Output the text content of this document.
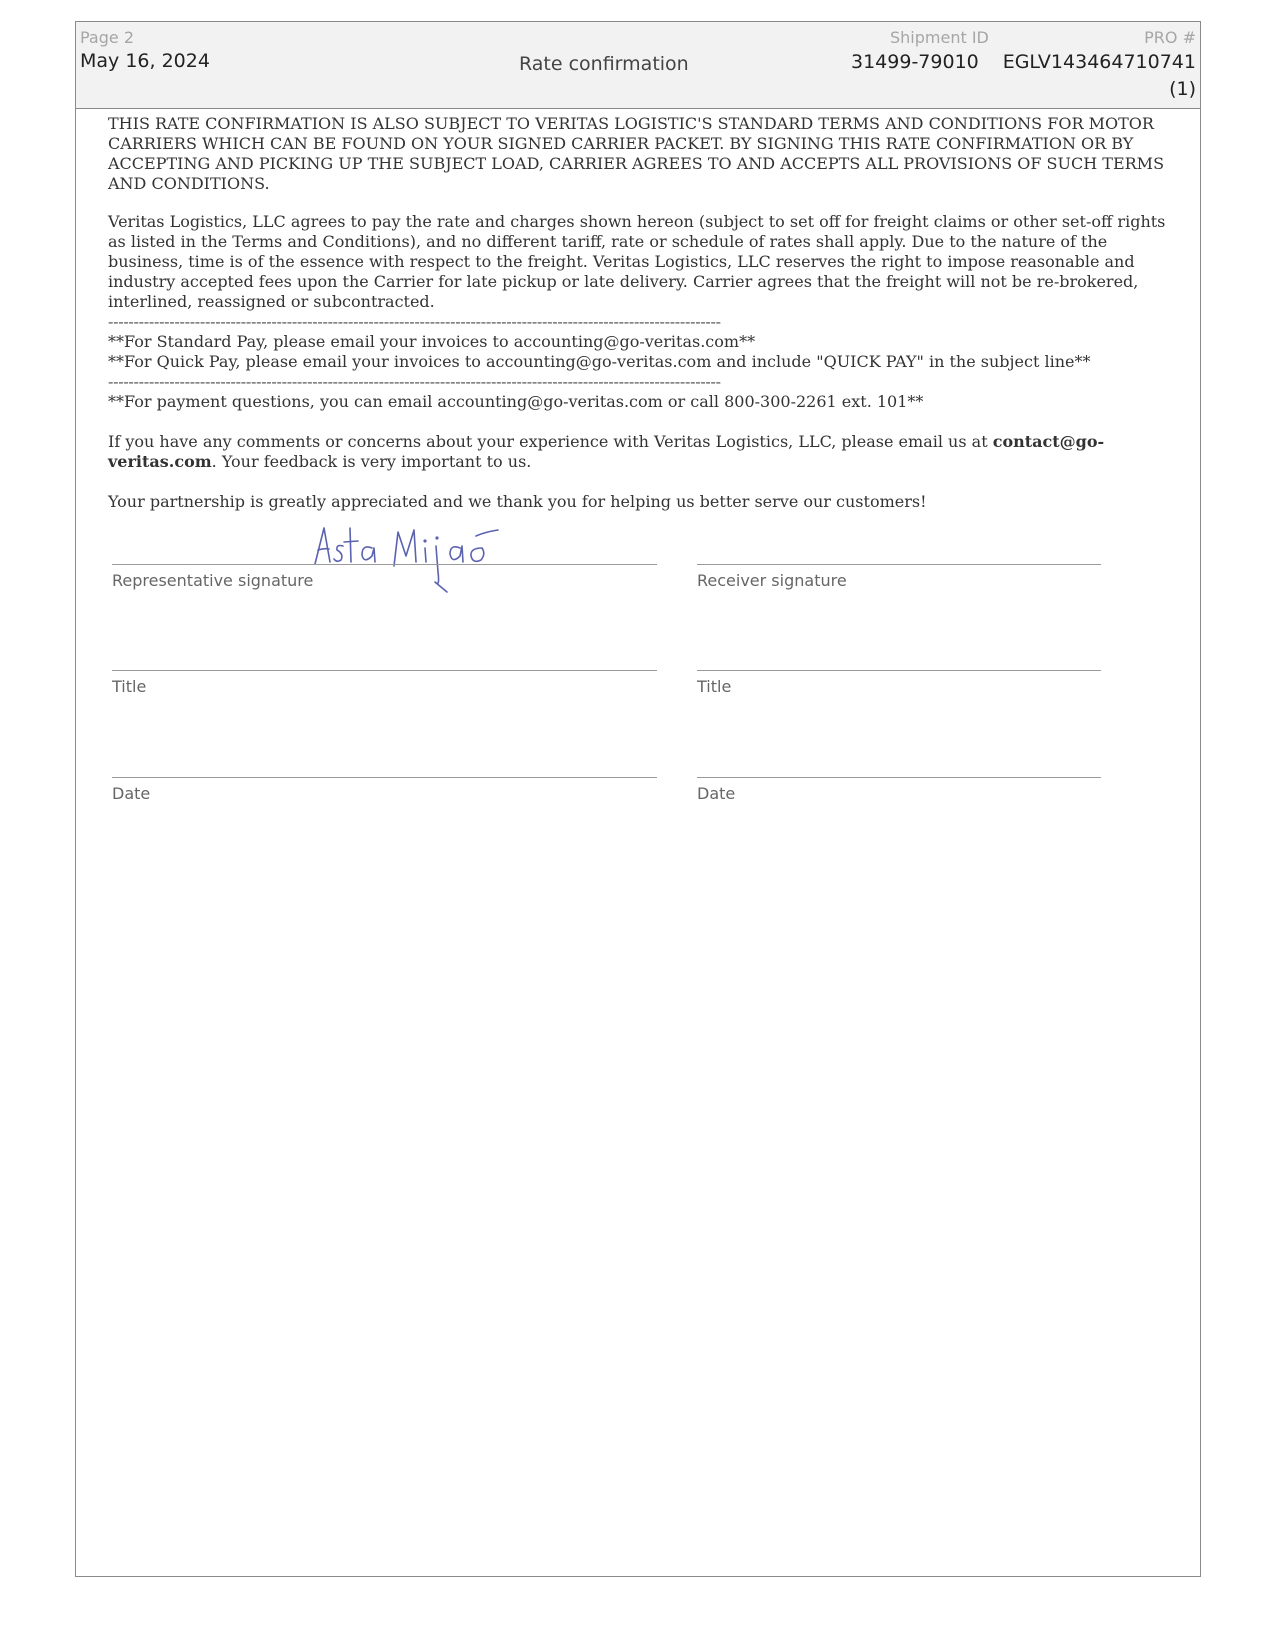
Page 2
May 16, 2024	Rate confirmation
Shipment ID
31499-79010
PRO #
EGLV143464710741
(1)

THIS RATE CONFIRMATION IS ALSO SUBJECT TO VERITAS LOGISTIC'S STANDARD TERMS AND CONDITIONS FOR MOTOR CARRIERS WHICH CAN BE FOUND ON YOUR SIGNED CARRIER PACKET. BY SIGNING THIS RATE CONFIRMATION OR BY ACCEPTING AND PICKING UP THE SUBJECT LOAD, CARRIER AGREES TO AND ACCEPTS ALL PROVISIONS OF SUCH TERMS AND CONDITIONS.

Veritas Logistics, LLC agrees to pay the rate and charges shown hereon (subject to set off for freight claims or other set-off rights as listed in the Terms and Conditions), and no different tariff, rate or schedule of rates shall apply. Due to the nature of the business, time is of the essence with respect to the freight. Veritas Logistics, LLC reserves the right to impose reasonable and industry accepted fees upon the Carrier for late pickup or late delivery. Carrier agrees that the freight will not be re-brokered, interlined, reassigned or subcontracted.

------------------------------------------------------------------------------------------------------------------------

**For Standard Pay, please email your invoices to accounting@go-veritas.com**

**For Quick Pay, please email your invoices to accounting@go-veritas.com and include "QUICK PAY" in the subject line**

------------------------------------------------------------------------------------------------------------------------

**For payment questions, you can email accounting@go-veritas.com or call 800-300-2261 ext. 101**

If you have any comments or concerns about your experience with Veritas Logistics, LLC, please email us at contact@go-veritas.com. Your feedback is very important to us.

Your partnership is greatly appreciated and we thank you for helping us better serve our customers!

Representative signature	Receiver signature
Title	Title
Date	Date
